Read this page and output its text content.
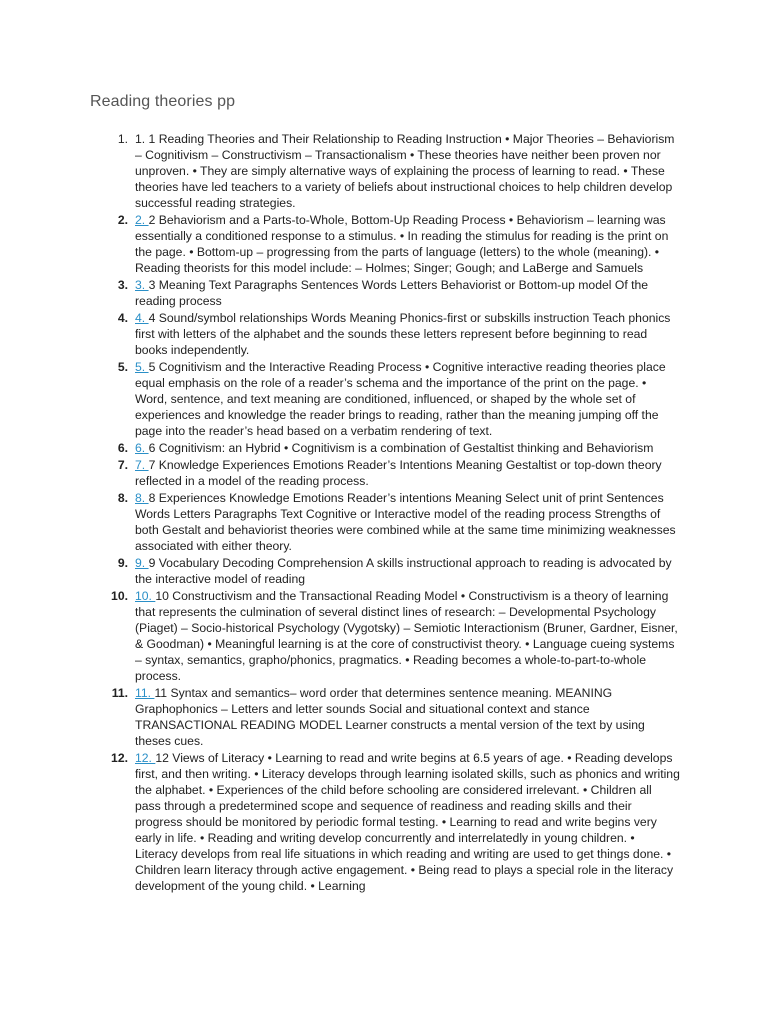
Reading theories pp
1. 1. 1 Reading Theories and Their Relationship to Reading Instruction • Major Theories – Behaviorism – Cognitivism – Constructivism – Transactionalism • These theories have neither been proven nor unproven. • They are simply alternative ways of explaining the process of learning to read. • These theories have led teachers to a variety of beliefs about instructional choices to help children develop successful reading strategies.
2. 2. 2 Behaviorism and a Parts-to-Whole, Bottom-Up Reading Process • Behaviorism – learning was essentially a conditioned response to a stimulus. • In reading the stimulus for reading is the print on the page. • Bottom-up – progressing from the parts of language (letters) to the whole (meaning). • Reading theorists for this model include: – Holmes; Singer; Gough; and LaBerge and Samuels
3. 3. 3 Meaning Text Paragraphs Sentences Words Letters Behaviorist or Bottom-up model Of the reading process
4. 4. 4 Sound/symbol relationships Words Meaning Phonics-first or subskills instruction Teach phonics first with letters of the alphabet and the sounds these letters represent before beginning to read books independently.
5. 5. 5 Cognitivism and the Interactive Reading Process • Cognitive interactive reading theories place equal emphasis on the role of a reader’s schema and the importance of the print on the page. • Word, sentence, and text meaning are conditioned, influenced, or shaped by the whole set of experiences and knowledge the reader brings to reading, rather than the meaning jumping off the page into the reader’s head based on a verbatim rendering of text.
6. 6. 6 Cognitivism: an Hybrid • Cognitivism is a combination of Gestaltist thinking and Behaviorism
7. 7. 7 Knowledge Experiences Emotions Reader’s Intentions Meaning Gestaltist or top-down theory reflected in a model of the reading process.
8. 8. 8 Experiences Knowledge Emotions Reader’s intentions Meaning Select unit of print Sentences Words Letters Paragraphs Text Cognitive or Interactive model of the reading process Strengths of both Gestalt and behaviorist theories were combined while at the same time minimizing weaknesses associated with either theory.
9. 9. 9 Vocabulary Decoding Comprehension A skills instructional approach to reading is advocated by the interactive model of reading
10. 10. 10 Constructivism and the Transactional Reading Model • Constructivism is a theory of learning that represents the culmination of several distinct lines of research: – Developmental Psychology (Piaget) – Socio-historical Psychology (Vygotsky) – Semiotic Interactionism (Bruner, Gardner, Eisner, & Goodman) • Meaningful learning is at the core of constructivist theory. • Language cueing systems – syntax, semantics, grapho/phonics, pragmatics. • Reading becomes a whole-to-part-to-whole process.
11. 11. 11 Syntax and semantics– word order that determines sentence meaning. MEANING Graphophonics – Letters and letter sounds Social and situational context and stance TRANSACTIONAL READING MODEL Learner constructs a mental version of the text by using theses cues.
12. 12. 12 Views of Literacy • Learning to read and write begins at 6.5 years of age. • Reading develops first, and then writing. • Literacy develops through learning isolated skills, such as phonics and writing the alphabet. • Experiences of the child before schooling are considered irrelevant. • Children all pass through a predetermined scope and sequence of readiness and reading skills and their progress should be monitored by periodic formal testing. • Learning to read and write begins very early in life. • Reading and writing develop concurrently and interrelatedly in young children. • Literacy develops from real life situations in which reading and writing are used to get things done. • Children learn literacy through active engagement. • Being read to plays a special role in the literacy development of the young child. • Learning
